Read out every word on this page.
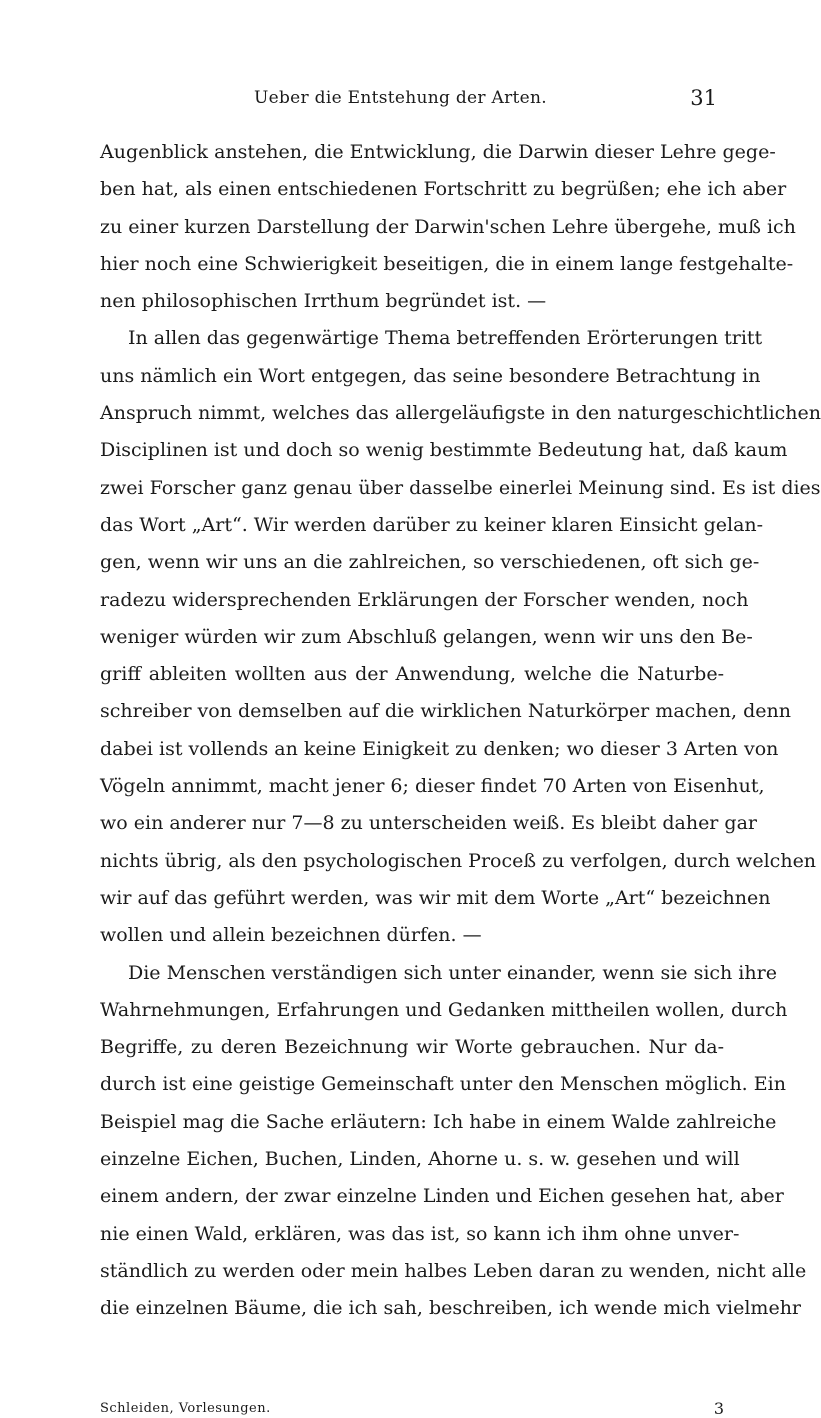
Ueber die Entstehung der Arten.	31
Augenblick anstehen, die Entwicklung, die Darwin dieser Lehre gege-
ben hat, als einen entschiedenen Fortschritt zu begrüßen; ehe ich aber
zu einer kurzen Darstellung der Darwin'schen Lehre übergehe, muß ich
hier noch eine Schwierigkeit beseitigen, die in einem lange festgehalte-
nen philosophischen Irrthum begründet ist. —
In allen das gegenwärtige Thema betreffenden Erörterungen tritt
uns nämlich ein Wort entgegen, das seine besondere Betrachtung in
Anspruch nimmt, welches das allergeläufigste in den naturgeschichtlichen
Disciplinen ist und doch so wenig bestimmte Bedeutung hat, daß kaum
zwei Forscher ganz genau über dasselbe einerlei Meinung sind. Es ist dies
das Wort „Art“. Wir werden darüber zu keiner klaren Einsicht gelan-
gen, wenn wir uns an die zahlreichen, so verschiedenen, oft sich ge-
radezu widersprechenden Erklärungen der Forscher wenden, noch
weniger würden wir zum Abschluß gelangen, wenn wir uns den Be-
griff ableiten wollten aus der Anwendung, welche die Naturbe-
schreiber von demselben auf die wirklichen Naturkörper machen, denn
dabei ist vollends an keine Einigkeit zu denken; wo dieser 3 Arten von
Vögeln annimmt, macht jener 6; dieser findet 70 Arten von Eisenhut,
wo ein anderer nur 7—8 zu unterscheiden weiß. Es bleibt daher gar
nichts übrig, als den psychologischen Proceß zu verfolgen, durch welchen
wir auf das geführt werden, was wir mit dem Worte „Art“ bezeichnen
wollen und allein bezeichnen dürfen. —
Die Menschen verständigen sich unter einander, wenn sie sich ihre
Wahrnehmungen, Erfahrungen und Gedanken mittheilen wollen, durch
Begriffe, zu deren Bezeichnung wir Worte gebrauchen. Nur da-
durch ist eine geistige Gemeinschaft unter den Menschen möglich. Ein
Beispiel mag die Sache erläutern: Ich habe in einem Walde zahlreiche
einzelne Eichen, Buchen, Linden, Ahorne u. s. w. gesehen und will
einem andern, der zwar einzelne Linden und Eichen gesehen hat, aber
nie einen Wald, erklären, was das ist, so kann ich ihm ohne unver-
ständlich zu werden oder mein halbes Leben daran zu wenden, nicht alle
die einzelnen Bäume, die ich sah, beschreiben, ich wende mich vielmehr
Schleiden, Vorlesungen.	3
